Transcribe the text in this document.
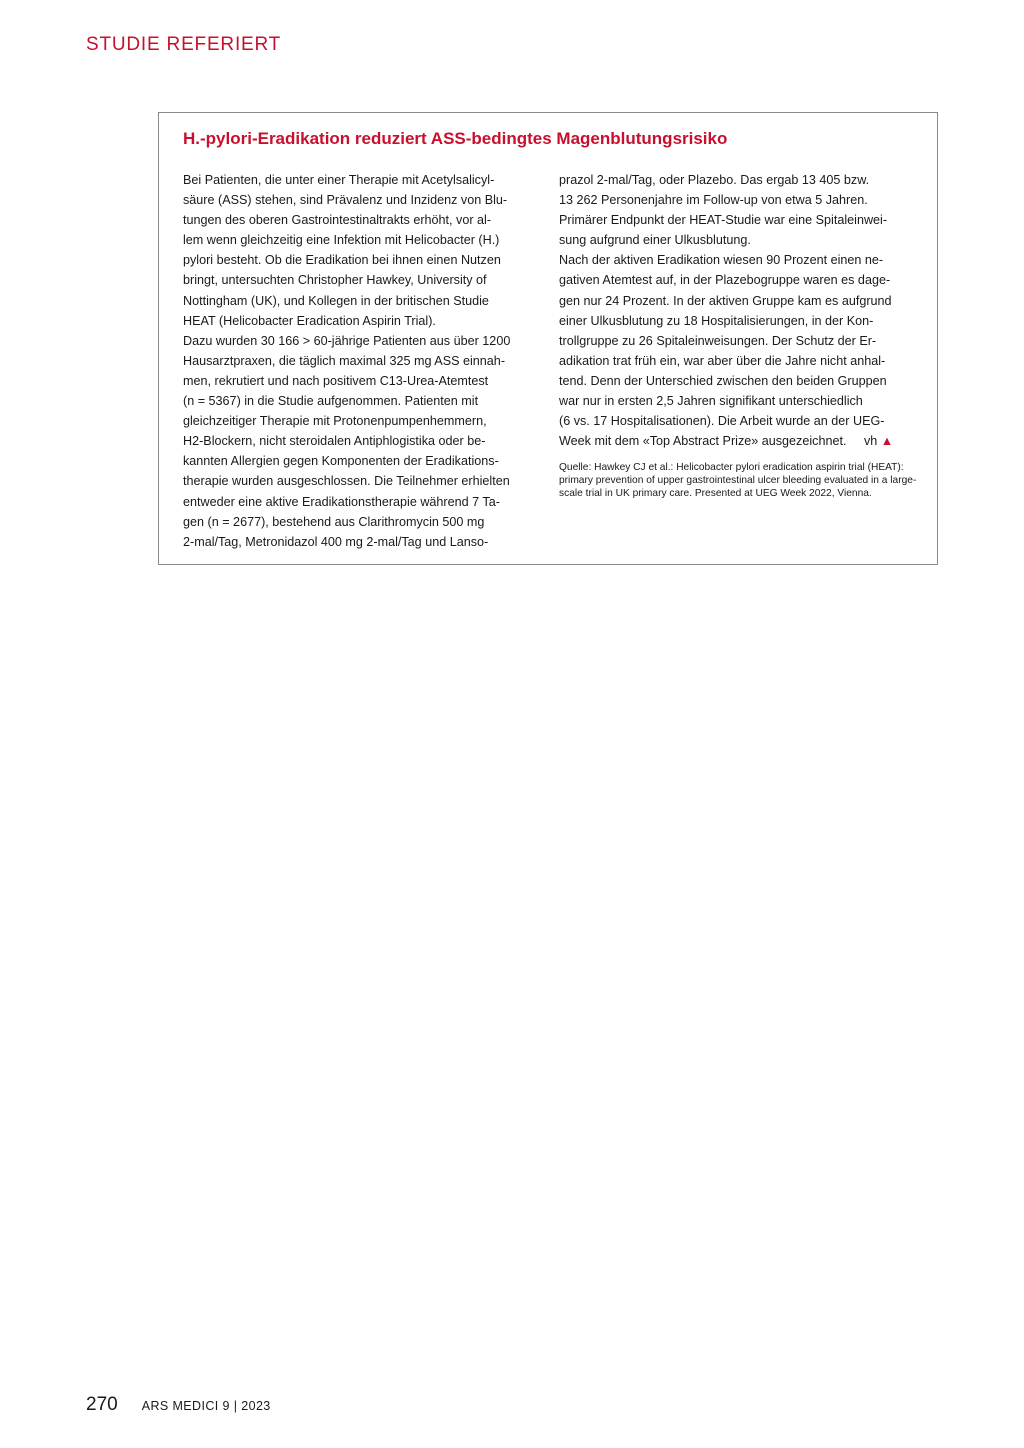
STUDIE REFERIERT
H.-pylori-Eradikation reduziert ASS-bedingtes Magenblutungsrisiko

Bei Patienten, die unter einer Therapie mit Acetylsalicyl-
säure (ASS) stehen, sind Prävalenz und Inzidenz von Blu-
tungen des oberen Gastrointestinaltrakts erhöht, vor al-
lem wenn gleichzeitig eine Infektion mit Helicobacter (H.)
pylori besteht. Ob die Eradikation bei ihnen einen Nutzen
bringt, untersuchten Christopher Hawkey, University of
Nottingham (UK), und Kollegen in der britischen Studie
HEAT (Helicobacter Eradication Aspirin Trial).

Dazu wurden 30 166 > 60-jährige Patienten aus über 1200
Hausarztpraxen, die täglich maximal 325 mg ASS einnah-
men, rekrutiert und nach positivem C13-Urea-Atemtest
(n = 5367) in die Studie aufgenommen. Patienten mit
gleichzeitiger Therapie mit Protonenpumpenhemmern,
H2-Blockern, nicht steroidalen Antiphlogistika oder be-
kannten Allergien gegen Komponenten der Eradikations-
therapie wurden ausgeschlossen. Die Teilnehmer erhielten
entweder eine aktive Eradikationstherapie während 7 Ta-
gen (n = 2677), bestehend aus Clarithromycin 500 mg
2-mal/Tag, Metronidazol 400 mg 2-mal/Tag und Lanso-

prazol 2-mal/Tag, oder Plazebo. Das ergab 13 405 bzw.
13 262 Personenjahre im Follow-up von etwa 5 Jahren.
Primärer Endpunkt der HEAT-Studie war eine Spitaleinwei-
sung aufgrund einer Ulkusblutung.

Nach der aktiven Eradikation wiesen 90 Prozent einen ne-
gativen Atemtest auf, in der Plazebogruppe waren es dage-
gen nur 24 Prozent. In der aktiven Gruppe kam es aufgrund
einer Ulkusblutung zu 18 Hospitalisierungen, in der Kon-
trollgruppe zu 26 Spitaleinweisungen. Der Schutz der Er-
adikation trat früh ein, war aber über die Jahre nicht anhal-
tend. Denn der Unterschied zwischen den beiden Gruppen
war nur in ersten 2,5 Jahren signifikant unterschiedlich
(6 vs. 17 Hospitalisationen). Die Arbeit wurde an der UEG-
Week mit dem «Top Abstract Prize» ausgezeichnet. vh ▲

Quelle: Hawkey CJ et al.: Helicobacter pylori eradication aspirin trial (HEAT): primary prevention of upper gastrointestinal ulcer bleeding evaluated in a large-scale trial in UK primary care. Presented at UEG Week 2022, Vienna.

270 ARS MEDICI 9 | 2023
